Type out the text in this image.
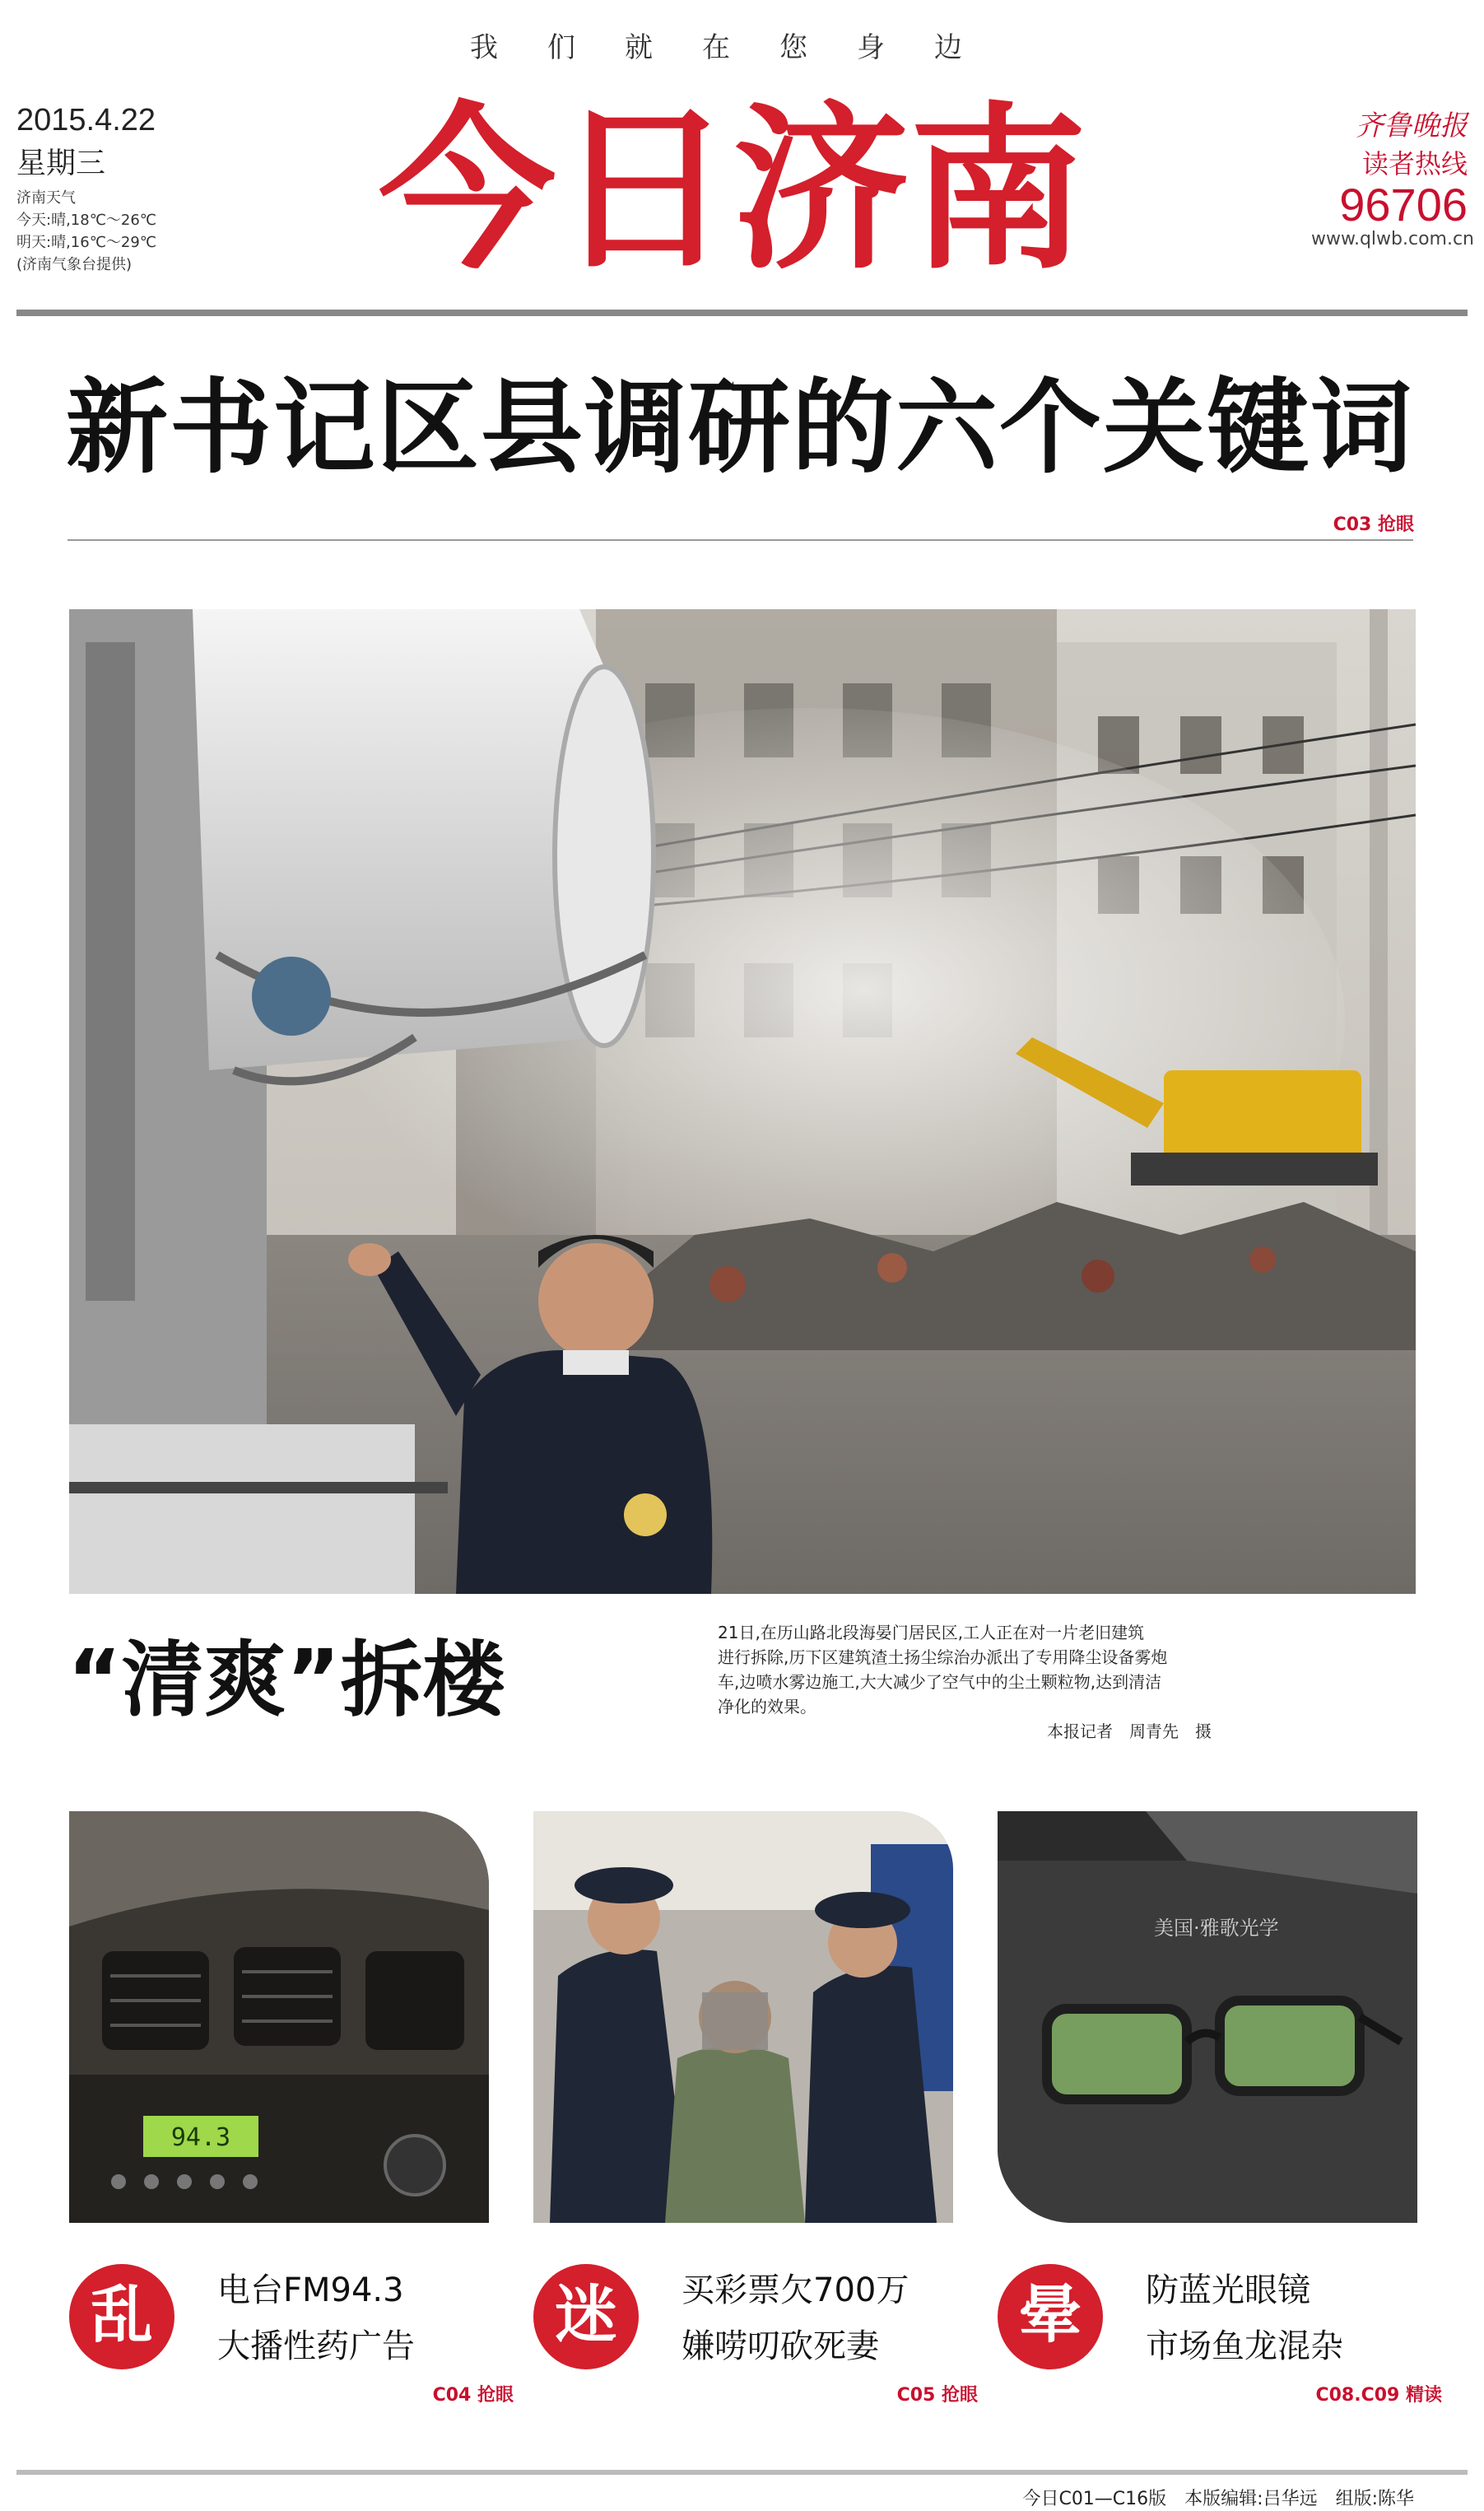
我们就在您身边
今日济南
2015.4.22
星期三
济南天气
今天:晴,18℃～26℃
明天:晴,16℃～29℃
(济南气象台提供)
齐鲁晚报
读者热线
96706
www.qlwb.com.cn
新书记区县调研的六个关键词
C03 抢眼
“清爽”拆楼	21日,在历山路北段海晏门居民区,工人正在对一片老旧建筑
进行拆除,历下区建筑渣土扬尘综治办派出了专用降尘设备雾炮
车,边喷水雾边施工,大大减少了空气中的尘土颗粒物,达到清洁
净化的效果。
本报记者　周青先　摄
94.3
美国·雅歌光学
乱	电台FM94.3
大播性药广告
C04 抢眼
迷	买彩票欠700万
嫌唠叨砍死妻
C05 抢眼
晕	防蓝光眼镜
市场鱼龙混杂
C08.C09 精读
今日C01—C16版　本版编辑:吕华远　组版:陈华
